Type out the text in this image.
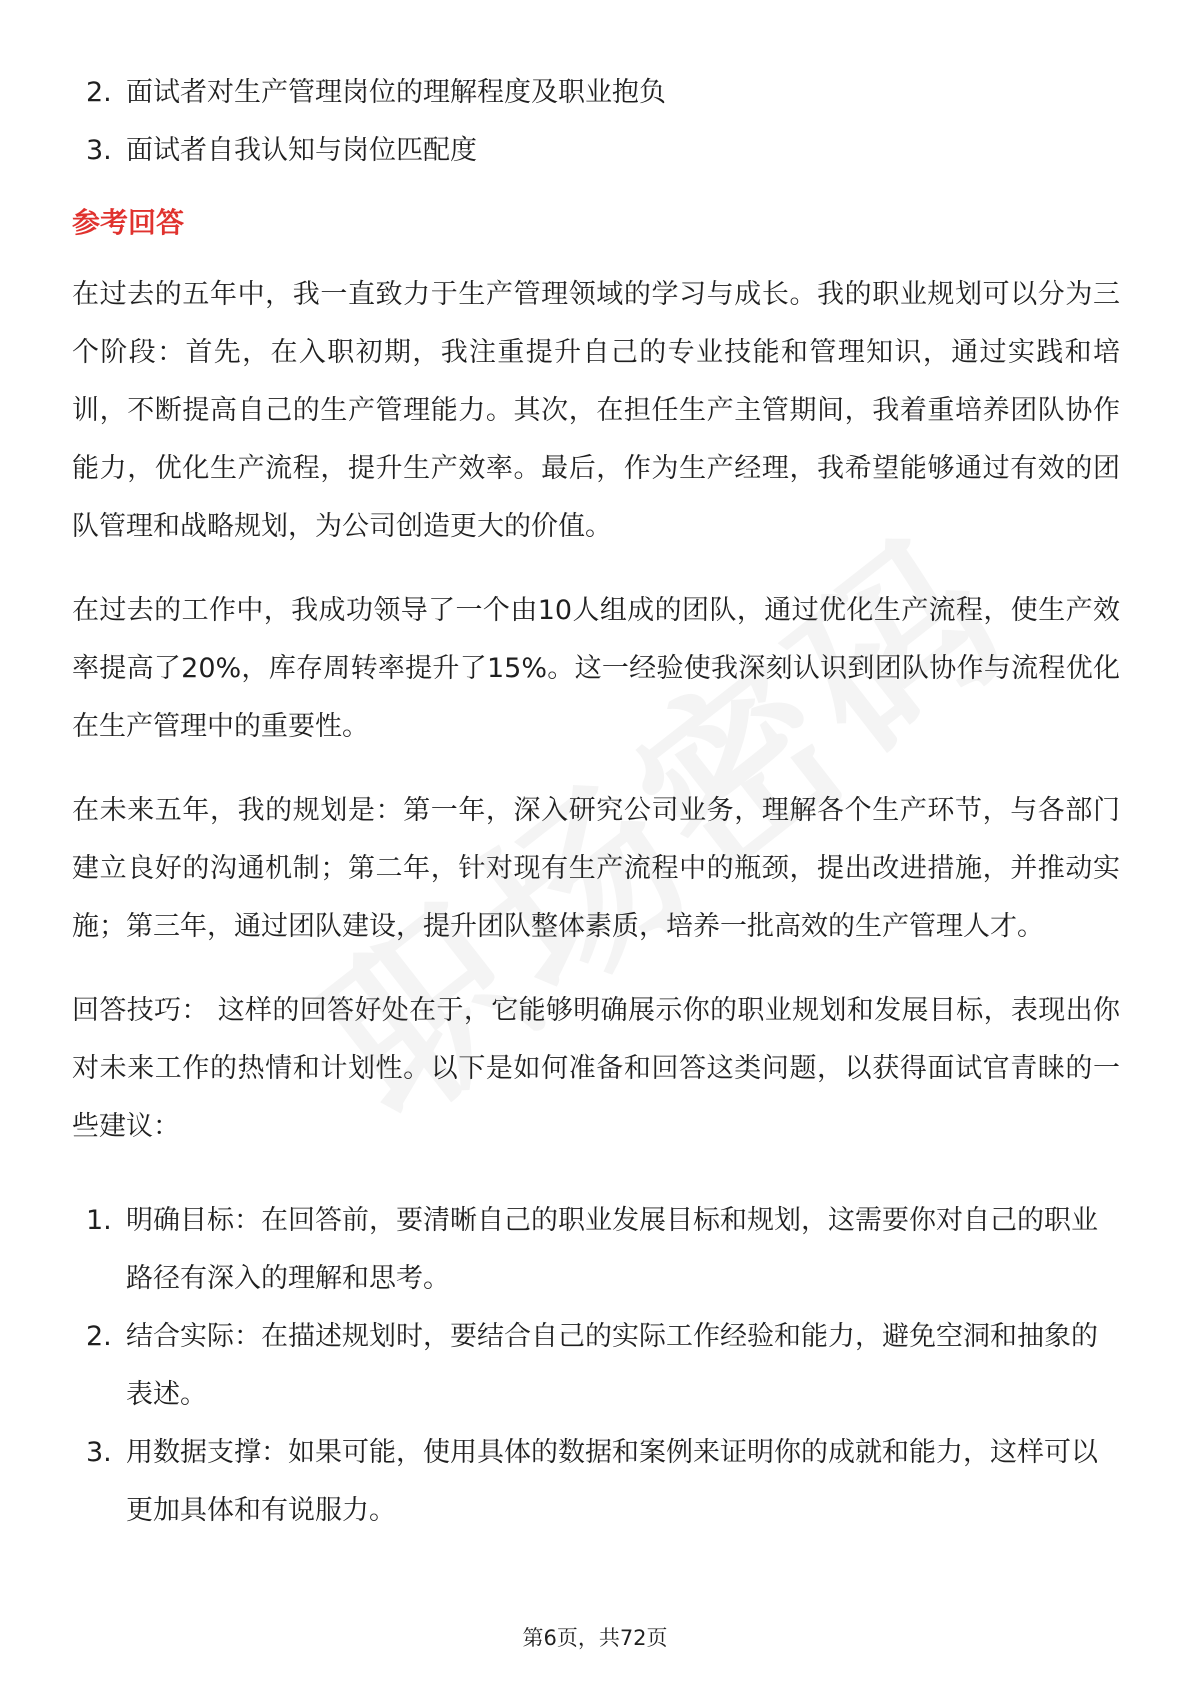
2. 面试者对生产管理岗位的理解程度及职业抱负
3. 面试者自我认知与岗位匹配度
参考回答

在过去的五年中，我一直致力于生产管理领域的学习与成长。我的职业规划可以分为三个阶段：首先，在入职初期，我注重提升自己的专业技能和管理知识，通过实践和培训，不断提高自己的生产管理能力。其次，在担任生产主管期间，我着重培养团队协作能力，优化生产流程，提升生产效率。最后，作为生产经理，我希望能够通过有效的团队管理和战略规划，为公司创造更大的价值。

在过去的工作中，我成功领导了一个由10人组成的团队，通过优化生产流程，使生产效率提高了20%，库存周转率提升了15%。这一经验使我深刻认识到团队协作与流程优化在生产管理中的重要性。

在未来五年，我的规划是：第一年，深入研究公司业务，理解各个生产环节，与各部门建立良好的沟通机制；第二年，针对现有生产流程中的瓶颈，提出改进措施，并推动实施；第三年，通过团队建设，提升团队整体素质，培养一批高效的生产管理人才。

回答技巧： 这样的回答好处在于，它能够明确展示你的职业规划和发展目标，表现出你对未来工作的热情和计划性。以下是如何准备和回答这类问题，以获得面试官青睐的一些建议：

1. 明确目标：在回答前，要清晰自己的职业发展目标和规划，这需要你对自己的职业路径有深入的理解和思考。
2. 结合实际：在描述规划时，要结合自己的实际工作经验和能力，避免空洞和抽象的表述。
3. 用数据支撑：如果可能，使用具体的数据和案例来证明你的成就和能力，这样可以更加具体和有说服力。
第6页，共72页
